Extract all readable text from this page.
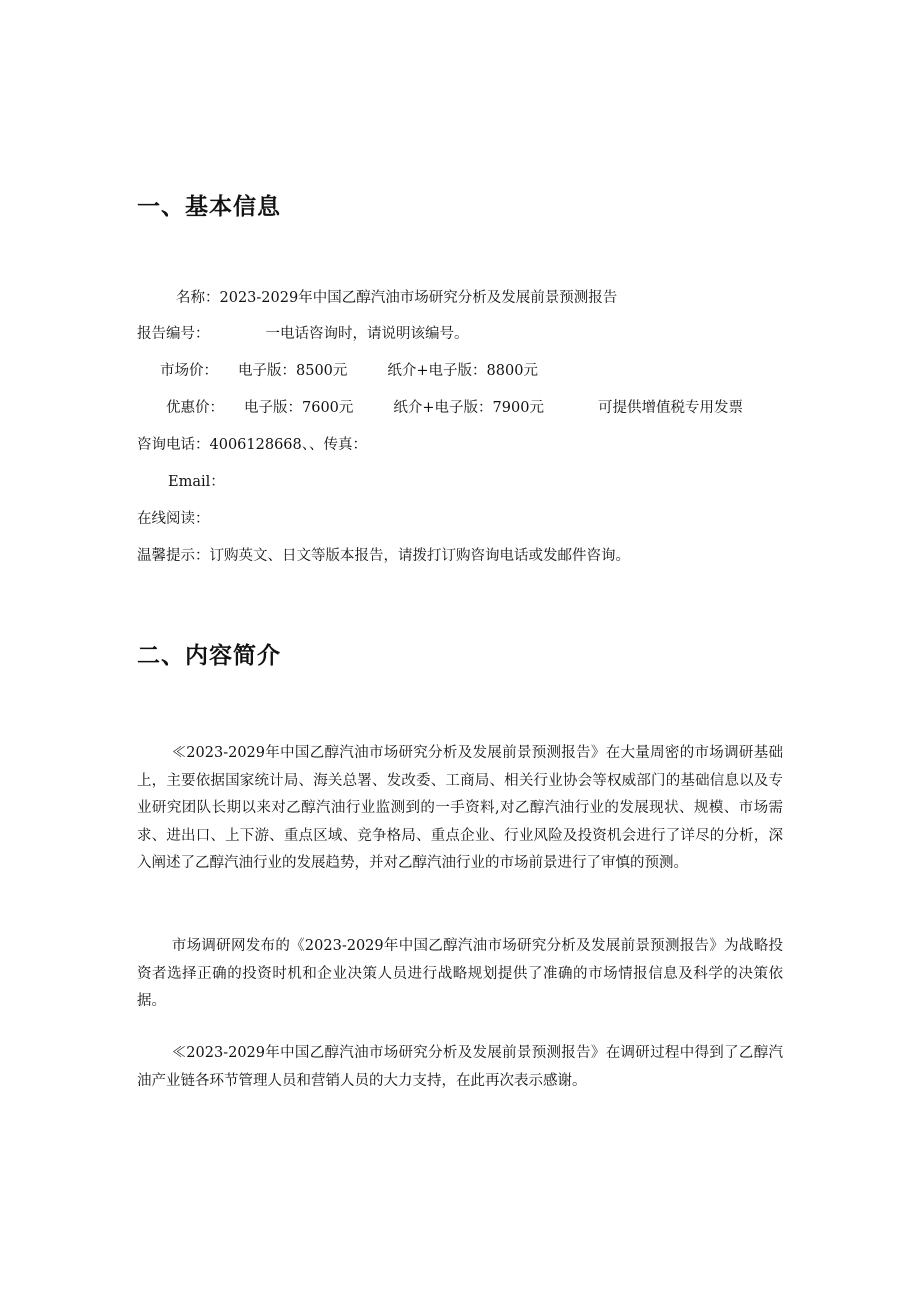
一、基本信息
名称：2023-2029年中国乙醇汽油市场研究分析及发展前景预测报告
报告编号：	一电话咨询时，请说明该编号。
市场价： 电子版：8500元	纸介+电子版：8800元
优惠价： 电子版：7600元	纸介+电子版：7900元	可提供增值税专用发票
咨询电话：4006128668、、传真：
Email：
在线阅读：
温馨提示：订购英文、日文等版本报告，请拨打订购咨询电话或发邮件咨询。
二、内容简介

≪2023-2029年中国乙醇汽油市场研究分析及发展前景预测报告》在大量周密的市场调研基础上，主要依据国家统计局、海关总署、发改委、工商局、相关行业协会等权威部门的基础信息以及专业研究团队长期以来对乙醇汽油行业监测到的一手资料,对乙醇汽油行业的发展现状、规模、市场需求、进出口、上下游、重点区域、竞争格局、重点企业、行业风险及投资机会进行了详尽的分析，深入阐述了乙醇汽油行业的发展趋势，并对乙醇汽油行业的市场前景进行了审慎的预测。

市场调研网发布的《2023-2029年中国乙醇汽油市场研究分析及发展前景预测报告》为战略投资者选择正确的投资时机和企业决策人员进行战略规划提供了准确的市场情报信息及科学的决策依据。

≪2023-2029年中国乙醇汽油市场研究分析及发展前景预测报告》在调研过程中得到了乙醇汽油产业链各环节管理人员和营销人员的大力支持，在此再次表示感谢。
